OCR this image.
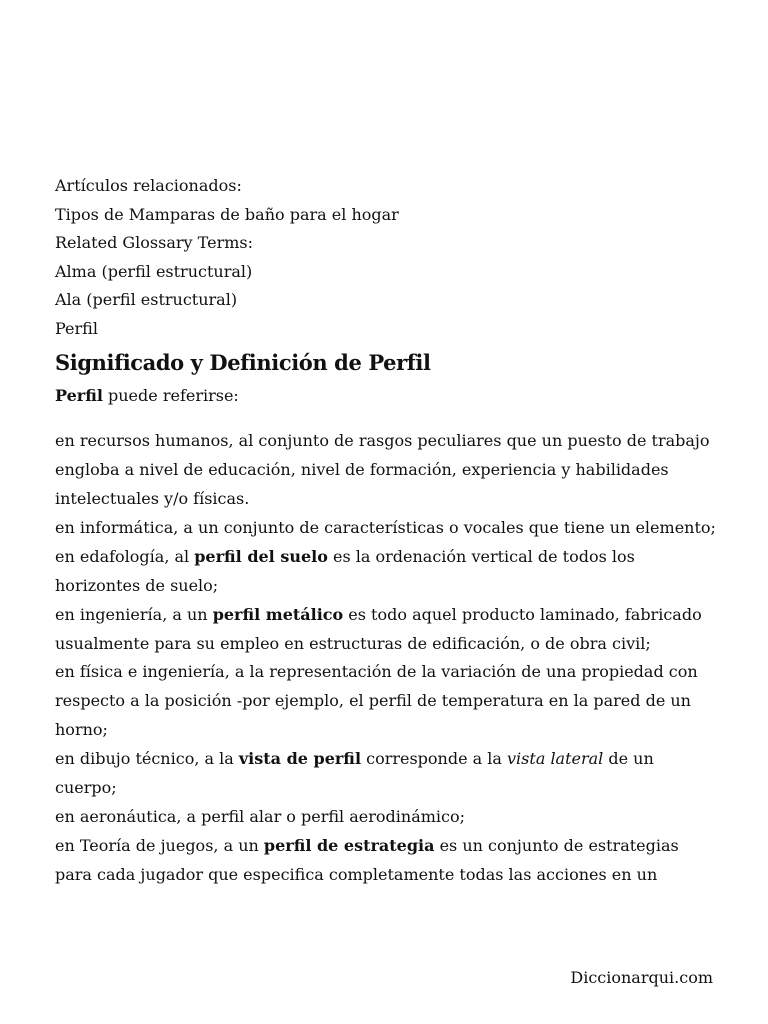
Artículos relacionados:

Tipos de Mamparas de baño para el hogar

Related Glossary Terms:

Alma (perfil estructural)

Ala (perfil estructural)

Perfil

Significado y Definición de Perfil

Perfil puede referirse:

en recursos humanos, al conjunto de rasgos peculiares que un puesto de trabajo engloba a nivel de educación, nivel de formación, experiencia y habilidades intelectuales y/o físicas.

en informática, a un conjunto de características o vocales que tiene un elemento;

en edafología, al perfil del suelo es la ordenación vertical de todos los horizontes de suelo;

en ingeniería, a un perfil metálico es todo aquel producto laminado, fabricado usualmente para su empleo en estructuras de edificación, o de obra civil;

en física e ingeniería, a la representación de la variación de una propiedad con respecto a la posición -por ejemplo, el perfil de temperatura en la pared de un horno;

en dibujo técnico, a la vista de perfil corresponde a la vista lateral de un cuerpo;

en aeronáutica, a perfil alar o perfil aerodinámico;

en Teoría de juegos, a un perfil de estrategia es un conjunto de estrategias para cada jugador que especifica completamente todas las acciones en un

Diccionarqui.com
